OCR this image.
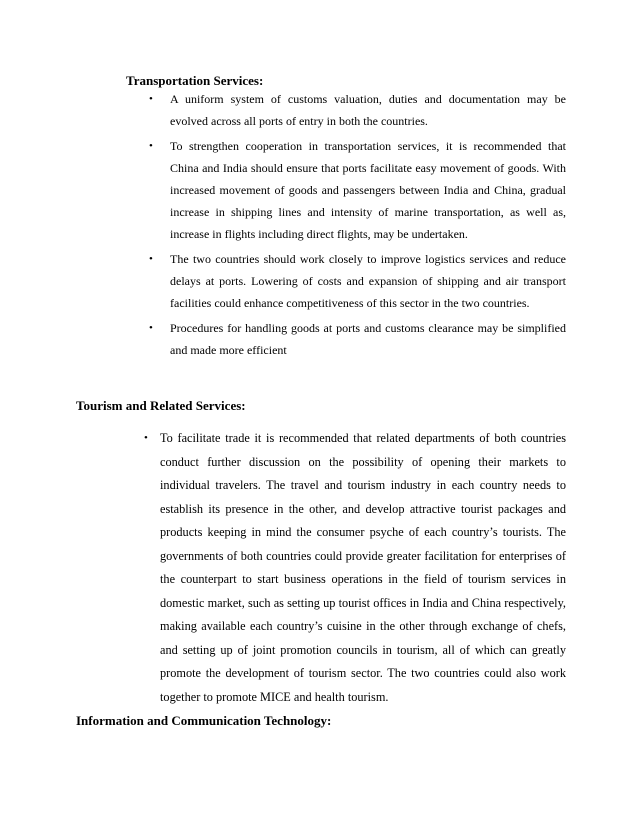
Transportation Services:
• A uniform system of customs valuation, duties and documentation may be evolved across all ports of entry in both the countries.
• To strengthen cooperation in transportation services, it is recommended that China and India should ensure that ports facilitate easy movement of goods. With increased movement of goods and passengers between India and China, gradual increase in shipping lines and intensity of marine transportation, as well as, increase in flights including direct flights, may be undertaken.
• The two countries should work closely to improve logistics services and reduce delays at ports. Lowering of costs and expansion of shipping and air transport facilities could enhance competitiveness of this sector in the two countries.
• Procedures for handling goods at ports and customs clearance may be simplified and made more efficient
Tourism and Related Services:
• To facilitate trade it is recommended that related departments of both countries conduct further discussion on the possibility of opening their markets to individual travelers. The travel and tourism industry in each country needs to establish its presence in the other, and develop attractive tourist packages and products keeping in mind the consumer psyche of each country’s tourists. The governments of both countries could provide greater facilitation for enterprises of the counterpart to start business operations in the field of tourism services in domestic market, such as setting up tourist offices in India and China respectively, making available each country’s cuisine in the other through exchange of chefs, and setting up of joint promotion councils in tourism, all of which can greatly promote the development of tourism sector. The two countries could also work together to promote MICE and health tourism.
Information and Communication Technology:
